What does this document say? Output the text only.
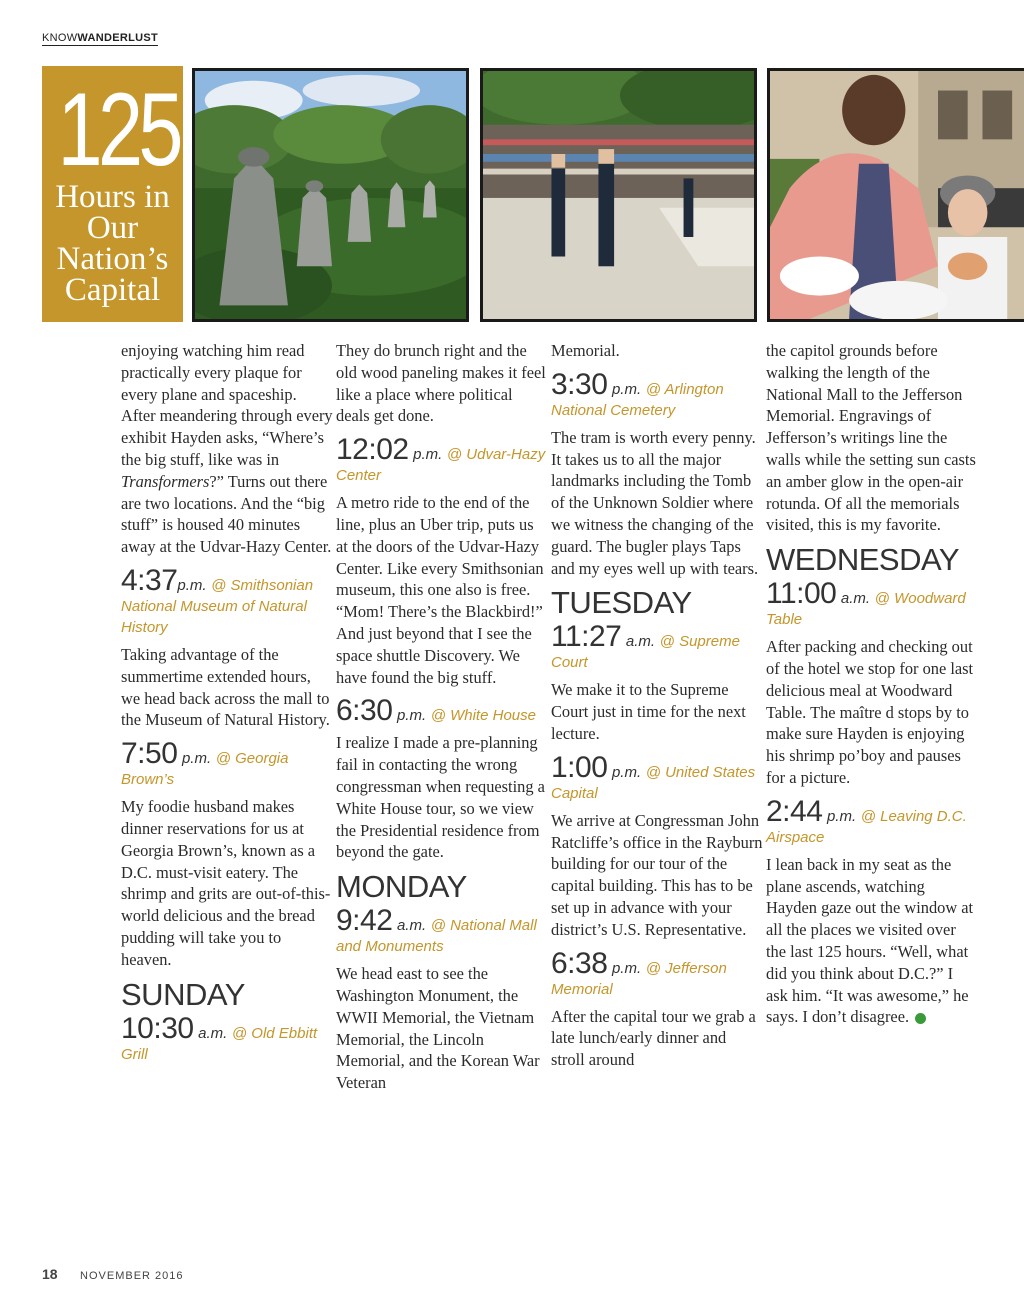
KNOWWANDERLUST
125
Hours in Our Nation’s Capital

enjoying watching him read practically every plaque for every plane and spaceship. After meandering through every exhibit Hayden asks, “Where’s the big stuff, like was in Transformers?” Turns out there are two locations. And the “big stuff” is housed 40 minutes away at the Udvar-Hazy Center.

4:37p.m. @ Smithsonian National Museum of Natural History

Taking advantage of the summertime extended hours, we head back across the mall to the Museum of Natural History.

7:50 p.m. @ Georgia Brown’s

My foodie husband makes dinner reservations for us at Georgia Brown’s, known as a D.C. must-visit eatery. The shrimp and grits are out-of-this-world delicious and the bread pudding will take you to heaven.

SUNDAY
10:30 a.m. @ Old Ebbitt Grill

They do brunch right and the old wood paneling makes it feel like a place where political deals get done.

12:02 p.m. @ Udvar-Hazy Center

A metro ride to the end of the line, plus an Uber trip, puts us at the doors of the Udvar-Hazy Center. Like every Smithsonian museum, this one also is free. “Mom! There’s the Blackbird!” And just beyond that I see the space shuttle Discovery. We have found the big stuff.

6:30 p.m. @ White House

I realize I made a pre-planning fail in contacting the wrong congressman when requesting a White House tour, so we view the Presidential residence from beyond the gate.

MONDAY
9:42 a.m. @ National Mall and Monuments

We head east to see the Washington Monument, the WWII Memorial, the Vietnam Memorial, the Lincoln Memorial, and the Korean War Veteran

Memorial.

3:30 p.m. @ Arlington National Cemetery

The tram is worth every penny. It takes us to all the major landmarks including the Tomb of the Unknown Soldier where we witness the changing of the guard. The bugler plays Taps and my eyes well up with tears.

TUESDAY
11:27 a.m. @ Supreme Court

We make it to the Supreme Court just in time for the next lecture.

1:00 p.m. @ United States Capital

We arrive at Congressman John Ratcliffe’s office in the Rayburn building for our tour of the capital building. This has to be set up in advance with your district’s U.S. Representative.

6:38 p.m. @ Jefferson Memorial

After the capital tour we grab a late lunch/early dinner and stroll around

the capitol grounds before walking the length of the National Mall to the Jefferson Memorial. Engravings of Jefferson’s writings line the walls while the setting sun casts an amber glow in the open-air rotunda. Of all the memorials visited, this is my favorite.

WEDNESDAY
11:00 a.m. @ Woodward Table

After packing and checking out of the hotel we stop for one last delicious meal at Woodward Table. The maître d stops by to make sure Hayden is enjoying his shrimp po’boy and pauses for a picture.

2:44 p.m. @ Leaving D.C. Airspace

I lean back in my seat as the plane ascends, watching Hayden gaze out the window at all the places we visited over the last 125 hours. “Well, what did you think about D.C.?” I ask him. “It was awesome,” he says. I don’t disagree.

18 NOVEMBER 2016
